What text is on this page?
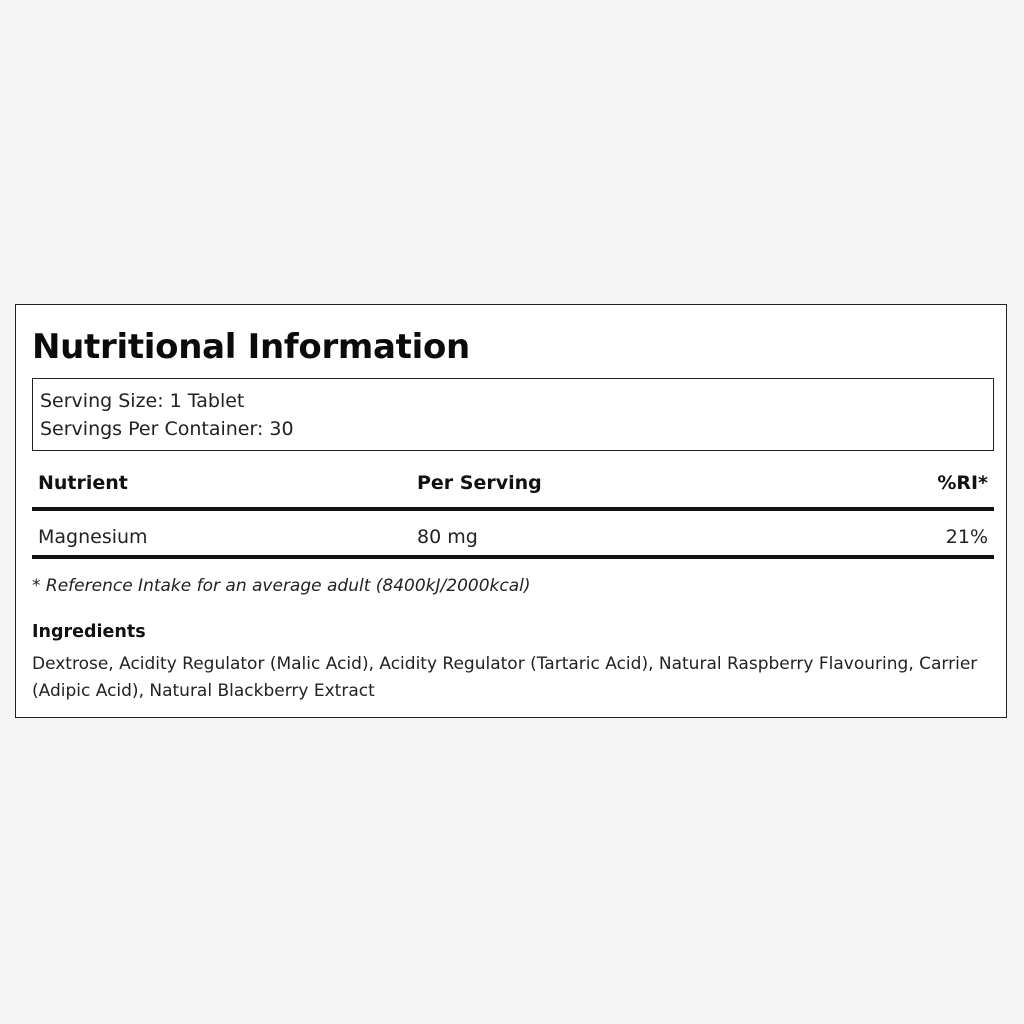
Nutritional Information
Serving Size: 1 Tablet
Servings Per Container: 30
Nutrient	Per Serving	%RI*
Magnesium	80 mg	21%
* Reference Intake for an average adult (8400kJ/2000kcal)
Ingredients
Dextrose, Acidity Regulator (Malic Acid), Acidity Regulator (Tartaric Acid), Natural Raspberry Flavouring, Carrier (Adipic Acid), Natural Blackberry Extract
